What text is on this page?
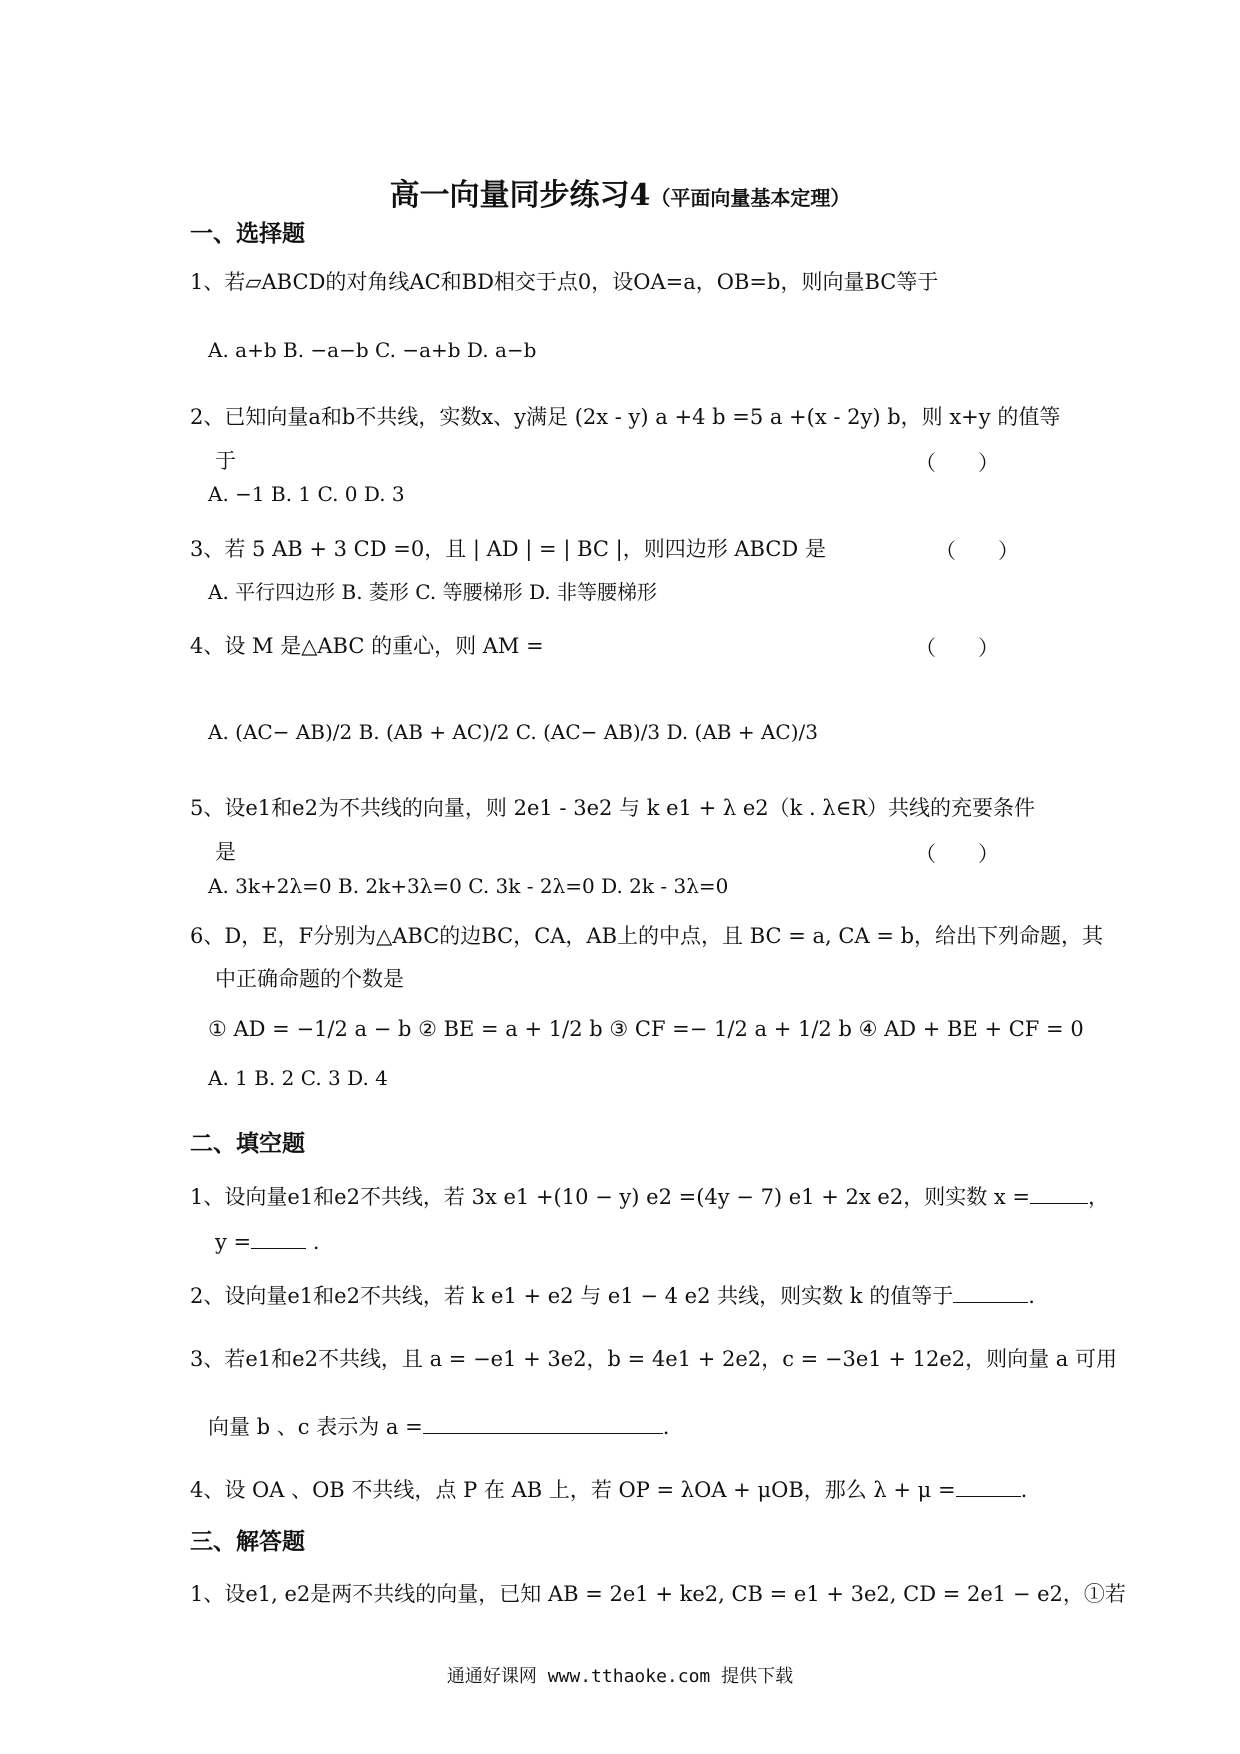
高一向量同步练习4（平面向量基本定理）
一、选择题
1、若▱ABCD的对角线AC和BD相交于点0，设OA=a，OB=b，则向量BC等于
A. a+b B. −a−b C. −a+b D. a−b
2、已知向量a和b不共线，实数x、y满足 (2x - y) a +4 b =5 a +(x - 2y) b，则 x+y 的值等
于	（　　）
A. −1 B. 1 C. 0 D. 3
3、若 5 AB + 3 CD =0，且 | AD | = | BC |，则四边形 ABCD 是	（　　）
A. 平行四边形 B. 菱形 C. 等腰梯形 D. 非等腰梯形
4、设 M 是△ABC 的重心，则 AM =	（　　）
A. (AC− AB)/2 B. (AB + AC)/2 C. (AC− AB)/3 D. (AB + AC)/3
5、设e1和e2为不共线的向量，则 2e1 - 3e2 与 k e1 + λ e2（k . λ∈R）共线的充要条件
是	（　　）
A. 3k+2λ=0 B. 2k+3λ=0 C. 3k - 2λ=0 D. 2k - 3λ=0
6、D，E，F分别为△ABC的边BC，CA，AB上的中点，且 BC = a, CA = b，给出下列命题，其
中正确命题的个数是
① AD = −1/2 a − b ② BE = a + 1/2 b ③ CF =− 1/2 a + 1/2 b ④ AD + BE + CF = 0
A. 1 B. 2 C. 3 D. 4
二、填空题
1、设向量e1和e2不共线，若 3x e1 +(10 − y) e2 =(4y − 7) e1 + 2x e2，则实数 x =	，
y =	.
2、设向量e1和e2不共线，若 k e1 + e2 与 e1 − 4 e2 共线，则实数 k 的值等于	.
3、若e1和e2不共线，且 a = −e1 + 3e2，b = 4e1 + 2e2，c = −3e1 + 12e2，则向量 a 可用
向量 b 、c 表示为 a =	.
4、设 OA 、OB 不共线，点 P 在 AB 上，若 OP = λOA + μOB，那么 λ + μ =	.
三、解答题
1、设e1, e2是两不共线的向量，已知 AB = 2e1 + ke2, CB = e1 + 3e2, CD = 2e1 − e2，①若
通通好课网 www.tthaoke.com 提供下载
